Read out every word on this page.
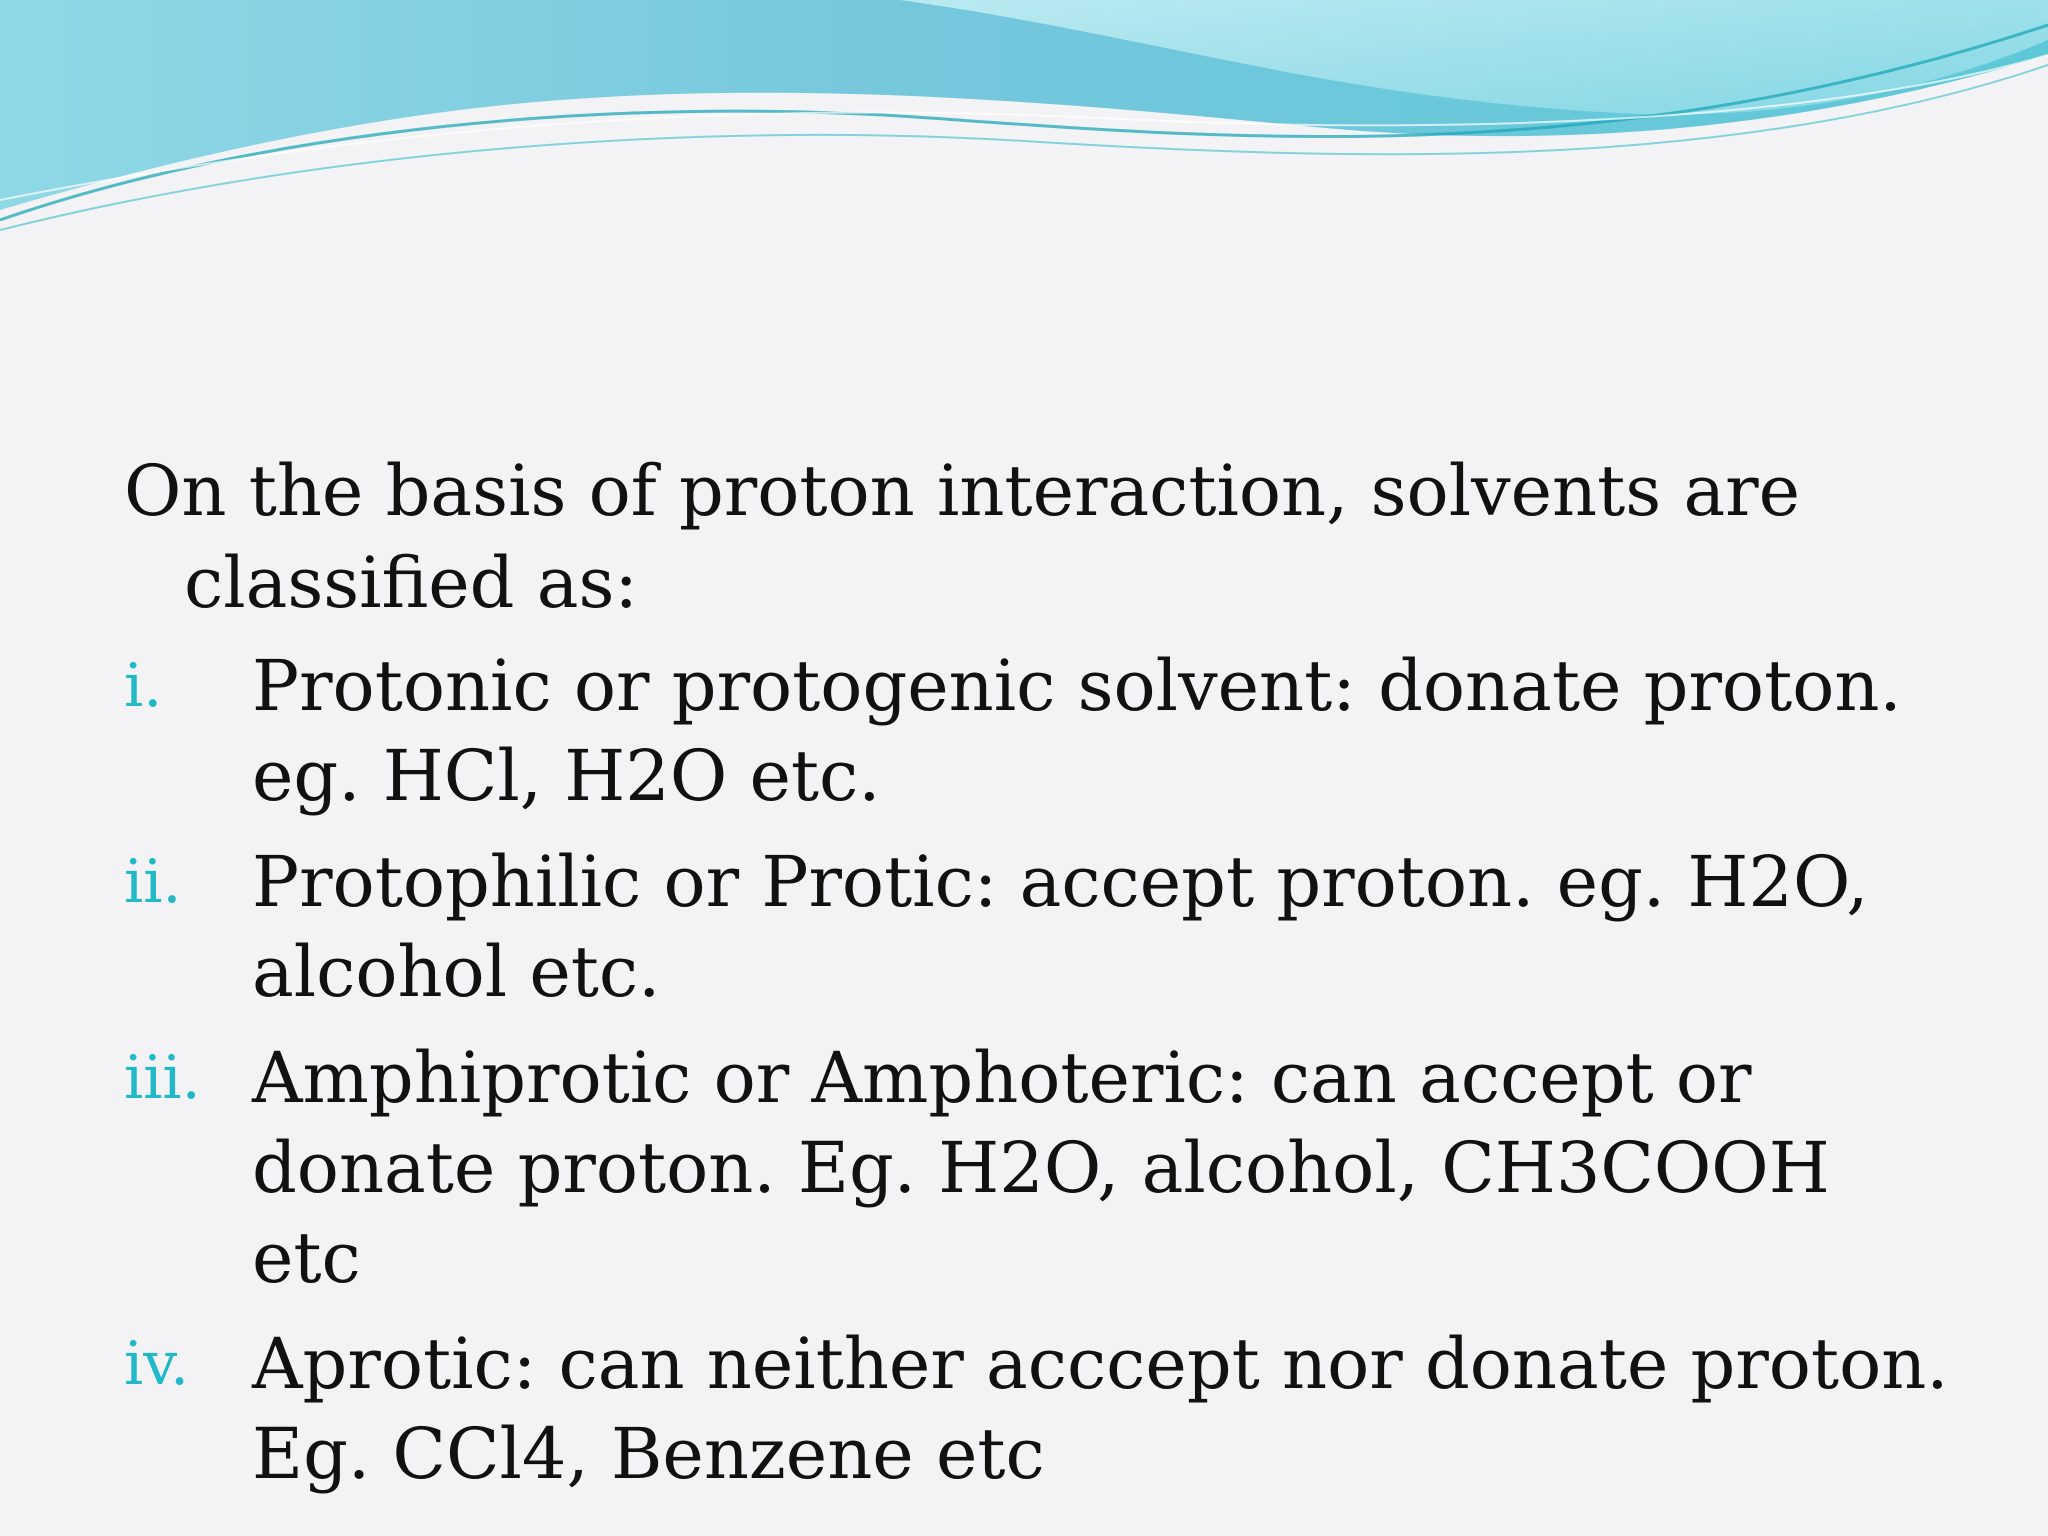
On the basis of proton interaction, solvents are classified as:

i. Protonic or protogenic solvent: donate proton. eg. HCl, H2O etc.
ii. Protophilic or Protic: accept proton. eg. H2O, alcohol etc.
iii. Amphiprotic or Amphoteric: can accept or donate proton. Eg. H2O, alcohol, CH3COOH etc
iv. Aprotic: can neither acccept nor donate proton. Eg. CCl4, Benzene etc
